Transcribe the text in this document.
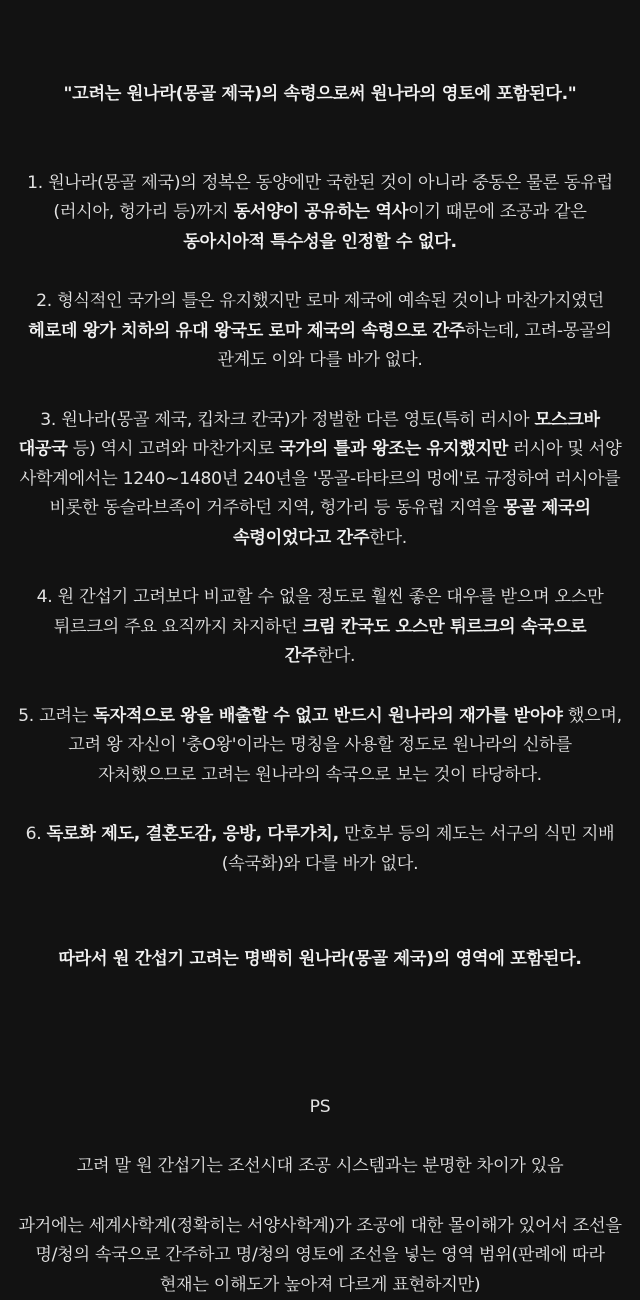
"고려는 원나라(몽골 제국)의 속령으로써 원나라의 영토에 포함된다."

1. 원나라(몽골 제국)의 정복은 동양에만 국한된 것이 아니라 중동은 물론 동유럽(러시아, 헝가리 등)까지 동서양이 공유하는 역사이기 때문에 조공과 같은 동아시아적 특수성을 인정할 수 없다.

2. 형식적인 국가의 틀은 유지했지만 로마 제국에 예속된 것이나 마찬가지였던 헤로데 왕가 치하의 유대 왕국도 로마 제국의 속령으로 간주하는데, 고려-몽골의 관계도 이와 다를 바가 없다.

3. 원나라(몽골 제국, 킵차크 칸국)가 정벌한 다른 영토(특히 러시아 모스크바 대공국 등) 역시 고려와 마찬가지로 국가의 틀과 왕조는 유지했지만 러시아 및 서양 사학계에서는 1240~1480년 240년을 '몽골-타타르의 멍에'로 규정하여 러시아를 비롯한 동슬라브족이 거주하던 지역, 헝가리 등 동유럽 지역을 몽골 제국의 속령이었다고 간주한다.

4. 원 간섭기 고려보다 비교할 수 없을 정도로 훨씬 좋은 대우를 받으며 오스만 튀르크의 주요 요직까지 차지하던 크림 칸국도 오스만 튀르크의 속국으로 간주한다.

5. 고려는 독자적으로 왕을 배출할 수 없고 반드시 원나라의 재가를 받아야 했으며, 고려 왕 자신이 '충O왕'이라는 명칭을 사용할 정도로 원나라의 신하를 자처했으므로 고려는 원나라의 속국으로 보는 것이 타당하다.

6. 독로화 제도, 결혼도감, 응방, 다루가치, 만호부 등의 제도는 서구의 식민 지배(속국화)와 다를 바가 없다.

따라서 원 간섭기 고려는 명백히 원나라(몽골 제국)의 영역에 포함된다.

PS

고려 말 원 간섭기는 조선시대 조공 시스템과는 분명한 차이가 있음

과거에는 세계사학계(정확히는 서양사학계)가 조공에 대한 몰이해가 있어서 조선을 명/청의 속국으로 간주하고 명/청의 영토에 조선을 넣는 영역 범위(판례에 따라 현재는 이해도가 높아져 다르게 표현하지만)
